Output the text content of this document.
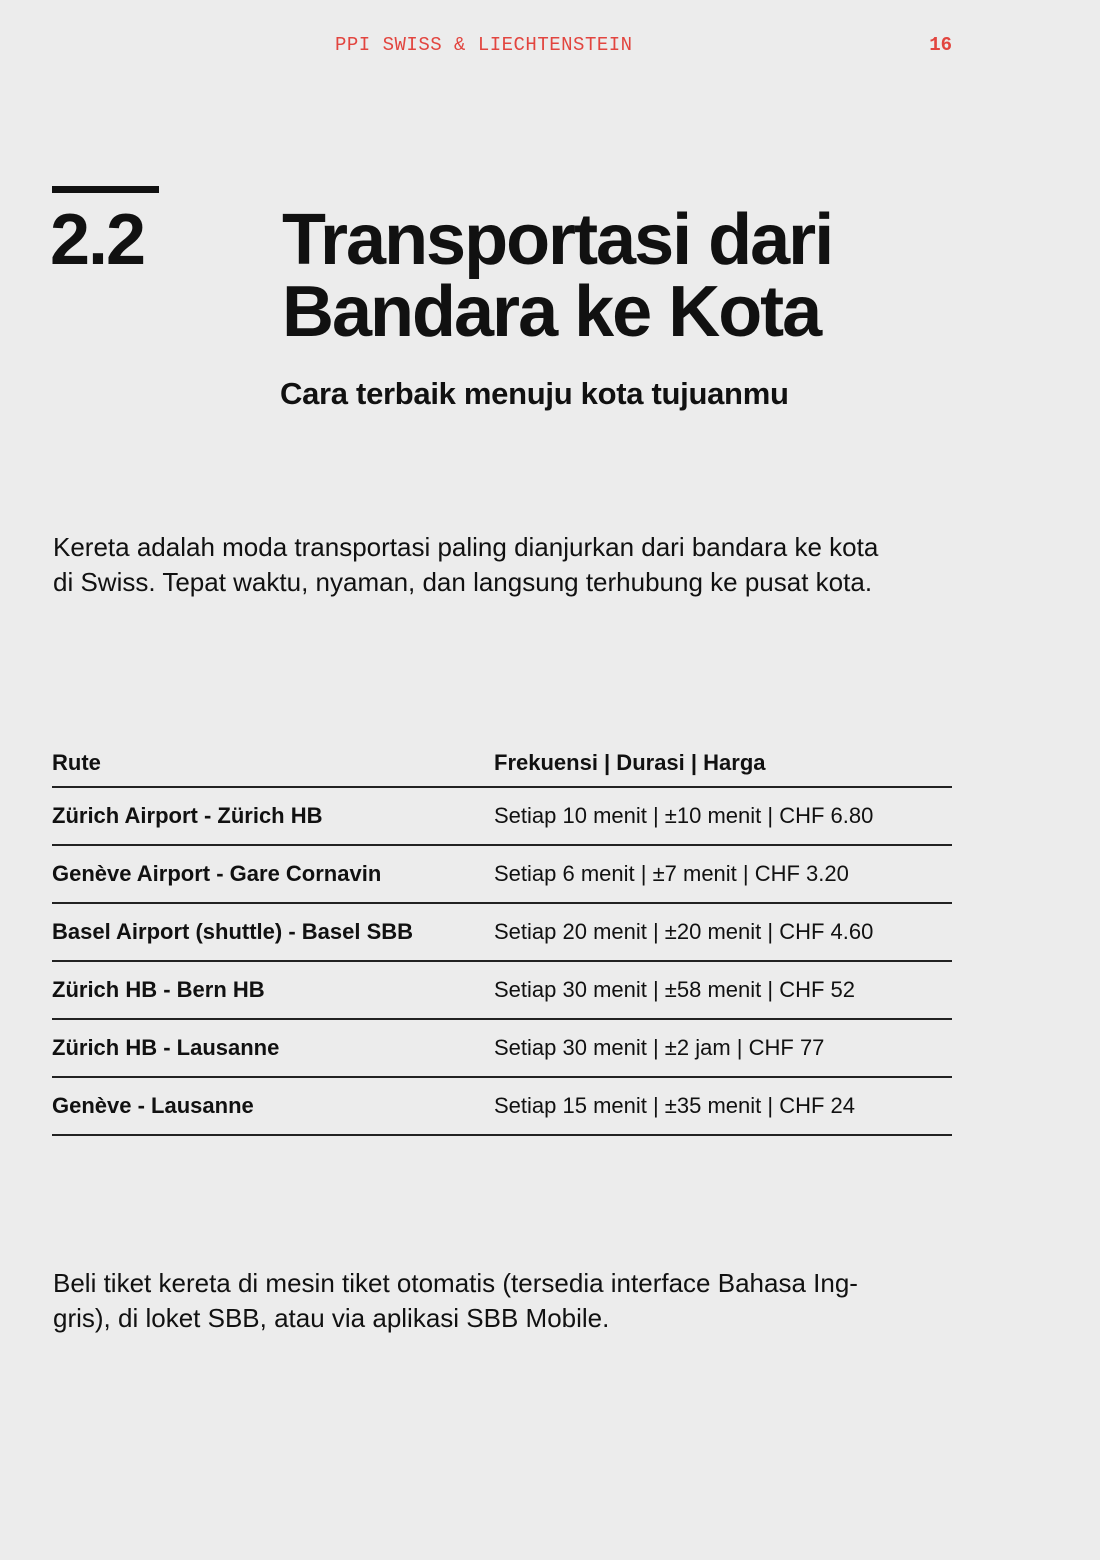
PPI SWISS & LIECHTENSTEIN	16
2.2 Transportasi dari
Bandara ke Kota
Cara terbaik menuju kota tujuanmu

Kereta adalah moda transportasi paling dianjurkan dari bandara ke kota
di Swiss. Tepat waktu, nyaman, dan langsung terhubung ke pusat kota.

Rute	Frekuensi | Durasi | Harga
Zürich Airport - Zürich HB	Setiap 10 menit | ±10 menit | CHF 6.80
Genève Airport - Gare Cornavin	Setiap 6 menit | ±7 menit | CHF 3.20
Basel Airport (shuttle) - Basel SBB	Setiap 20 menit | ±20 menit | CHF 4.60
Zürich HB - Bern HB	Setiap 30 menit | ±58 menit | CHF 52
Zürich HB - Lausanne	Setiap 30 menit | ±2 jam | CHF 77
Genève - Lausanne	Setiap 15 menit | ±35 menit | CHF 24

Beli tiket kereta di mesin tiket otomatis (tersedia interface Bahasa Ing-
gris), di loket SBB, atau via aplikasi SBB Mobile.
